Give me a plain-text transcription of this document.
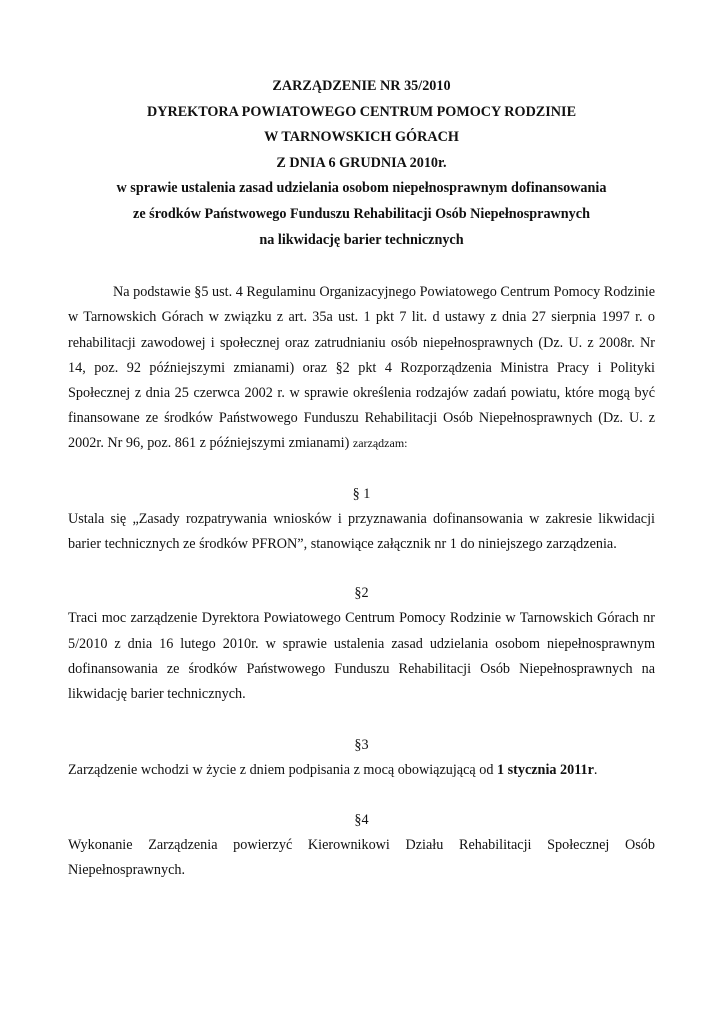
ZARZĄDZENIE NR 35/2010
DYREKTORA POWIATOWEGO CENTRUM POMOCY RODZINIE
W TARNOWSKICH GÓRACH
Z DNIA 6 GRUDNIA 2010r.
w sprawie ustalenia zasad udzielania osobom niepełnosprawnym dofinansowania
ze środków Państwowego Funduszu Rehabilitacji Osób Niepełnosprawnych
na likwidację barier technicznych

Na podstawie §5 ust. 4 Regulaminu Organizacyjnego Powiatowego Centrum Pomocy Rodzinie w Tarnowskich Górach w związku z art. 35a ust. 1 pkt 7 lit. d ustawy z dnia 27 sierpnia 1997 r. o rehabilitacji zawodowej i społecznej oraz zatrudnianiu osób niepełnosprawnych (Dz. U. z 2008r. Nr 14, poz. 92 późniejszymi zmianami) oraz §2 pkt 4 Rozporządzenia Ministra Pracy i Polityki Społecznej z dnia 25 czerwca 2002 r. w sprawie określenia rodzajów zadań powiatu, które mogą być finansowane ze środków Państwowego Funduszu Rehabilitacji Osób Niepełnosprawnych (Dz. U. z 2002r. Nr 96, poz. 861 z późniejszymi zmianami) zarządzam:

§ 1

Ustala się „Zasady rozpatrywania wniosków i przyznawania dofinansowania w zakresie likwidacji barier technicznych ze środków PFRON”, stanowiące załącznik nr 1 do niniejszego zarządzenia.

§2

Traci moc zarządzenie Dyrektora Powiatowego Centrum Pomocy Rodzinie w Tarnowskich Górach nr 5/2010 z dnia 16 lutego 2010r. w sprawie ustalenia zasad udzielania osobom niepełnosprawnym dofinansowania ze środków Państwowego Funduszu Rehabilitacji Osób Niepełnosprawnych na likwidację barier technicznych.

§3

Zarządzenie wchodzi w życie z dniem podpisania z mocą obowiązującą od 1 stycznia 2011r.

§4

Wykonanie Zarządzenia powierzyć Kierownikowi Działu Rehabilitacji Społecznej Osób Niepełnosprawnych.
